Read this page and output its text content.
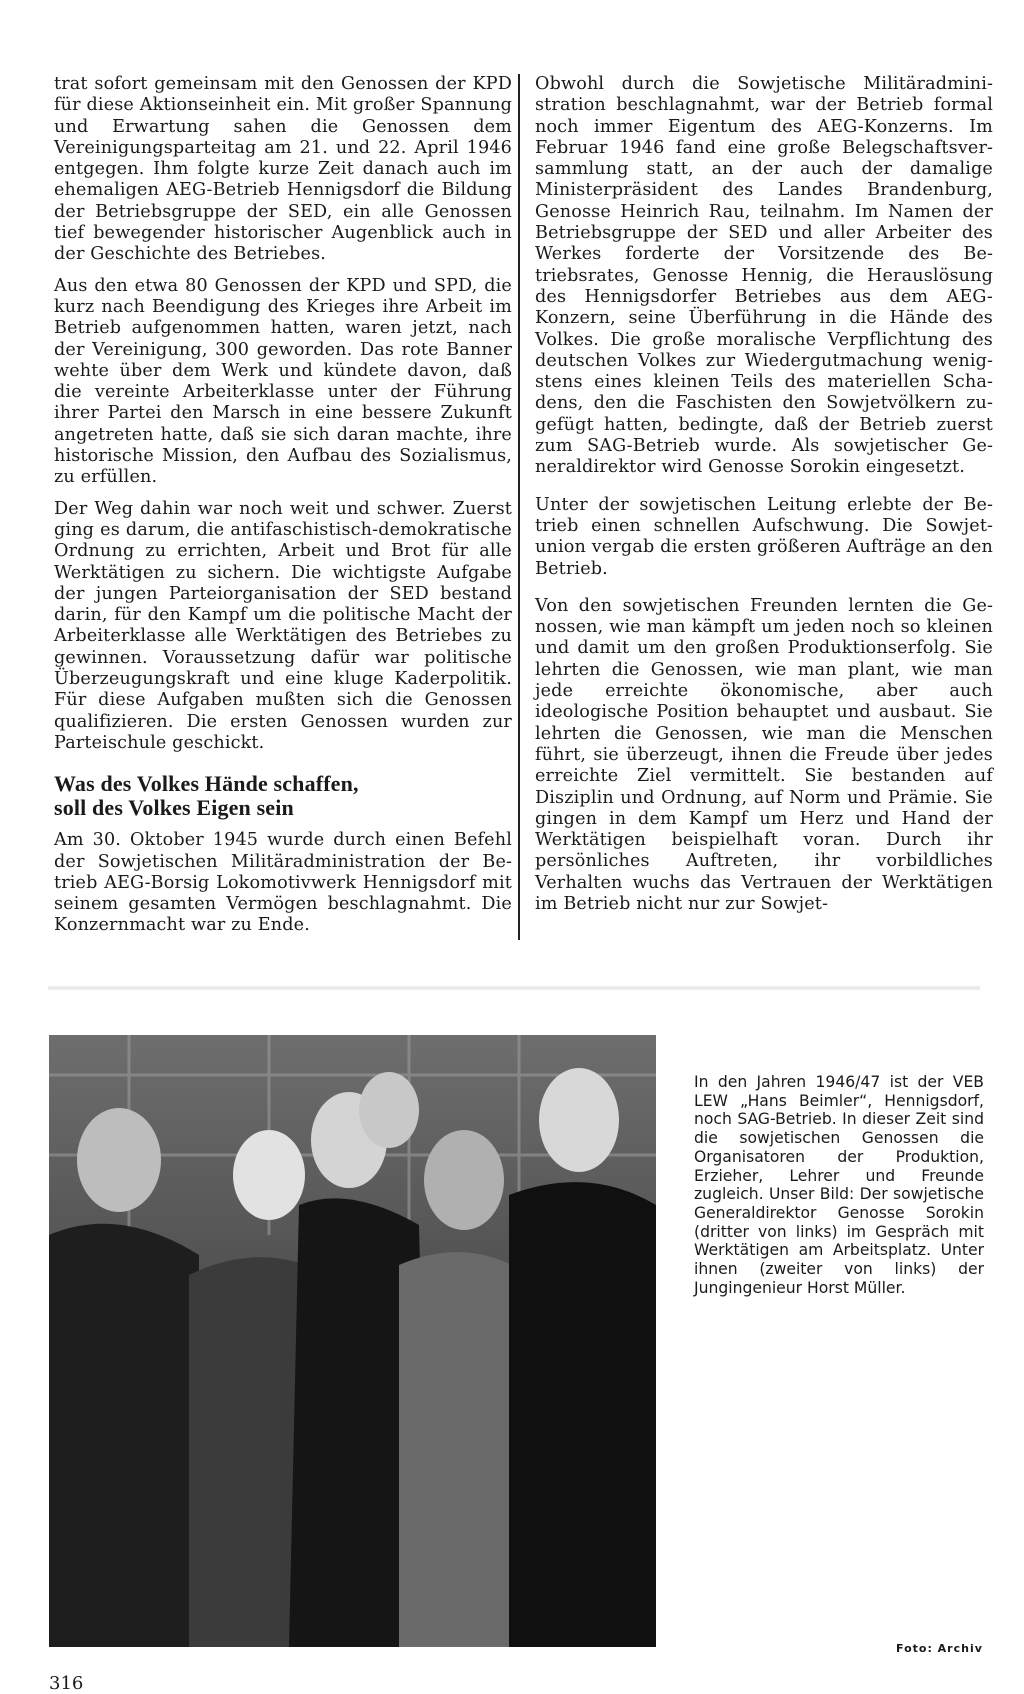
trat sofort gemeinsam mit den Genossen der KPD für diese Aktionseinheit ein. Mit großer Spannung und Erwartung sahen die Genossen dem Vereinigungsparteitag am 21. und 22. April 1946 entgegen. Ihm folgte kurze Zeit danach auch im ehemaligen AEG-Betrieb Hennigsdorf die Bildung der Betriebsgruppe der SED, ein alle Genossen tief bewegender historischer Augenblick auch in der Geschichte des Betriebes.

Aus den etwa 80 Genossen der KPD und SPD, die kurz nach Beendigung des Krieges ihre Arbeit im Betrieb aufgenommen hatten, waren jetzt, nach der Vereinigung, 300 geworden. Das rote Banner wehte über dem Werk und kündete davon, daß die vereinte Arbeiterklasse unter der Führung ihrer Partei den Marsch in eine bessere Zukunft angetreten hatte, daß sie sich daran machte, ihre historische Mission, den Aufbau des Sozialismus, zu erfüllen.

Der Weg dahin war noch weit und schwer. Zuerst ging es darum, die antifaschistisch-demokratische Ordnung zu errichten, Arbeit und Brot für alle Werktätigen zu sichern. Die wichtigste Aufgabe der jungen Parteiorganisation der SED bestand darin, für den Kampf um die politische Macht der Arbeiterklasse alle Werktätigen des Betriebes zu gewinnen. Voraussetzung dafür war politische Überzeugungskraft und eine kluge Kaderpolitik. Für diese Aufgaben mußten sich die Genossen qualifizieren. Die ersten Genossen wurden zur Parteischule geschickt.

Was des Volkes Hände schaffen,
soll des Volkes Eigen sein

Am 30. Oktober 1945 wurde durch einen Befehl der Sowjetischen Militäradministration der Betrieb AEG-Borsig Lokomotivwerk Hennigsdorf mit seinem gesamten Vermögen beschlagnahmt. Die Konzernmacht war zu Ende.

Obwohl durch die Sowjetische Militäradministration beschlagnahmt, war der Betrieb formal noch immer Eigentum des AEG-Konzerns. Im Februar 1946 fand eine große Belegschaftsversammlung statt, an der auch der damalige Ministerpräsident des Landes Brandenburg, Genosse Heinrich Rau, teilnahm. Im Namen der Betriebsgruppe der SED und aller Arbeiter des Werkes forderte der Vorsitzende des Betriebsrates, Genosse Hennig, die Herauslösung des Hennigsdorfer Betriebes aus dem AEG-Konzern, seine Überführung in die Hände des Volkes. Die große moralische Verpflichtung des deutschen Volkes zur Wiedergutmachung wenigstens eines kleinen Teils des materiellen Schadens, den die Faschisten den Sowjetvölkern zugefügt hatten, bedingte, daß der Betrieb zuerst zum SAG-Betrieb wurde. Als sowjetischer Generaldirektor wird Genosse Sorokin eingesetzt.

Unter der sowjetischen Leitung erlebte der Betrieb einen schnellen Aufschwung. Die Sowjetunion vergab die ersten größeren Aufträge an den Betrieb.

Von den sowjetischen Freunden lernten die Genossen, wie man kämpft um jeden noch so kleinen und damit um den großen Produktionserfolg. Sie lehrten die Genossen, wie man plant, wie man jede erreichte ökonomische, aber auch ideologische Position behauptet und ausbaut. Sie lehrten die Genossen, wie man die Menschen führt, sie überzeugt, ihnen die Freude über jedes erreichte Ziel vermittelt. Sie bestanden auf Disziplin und Ordnung, auf Norm und Prämie. Sie gingen in dem Kampf um Herz und Hand der Werktätigen beispielhaft voran. Durch ihr persönliches Auftreten, ihr vorbildliches Verhalten wuchs das Vertrauen der Werktätigen im Betrieb nicht nur zur Sowjet-

In den Jahren 1946/47 ist der VEB LEW „Hans Beimler“, Hennigsdorf, noch SAG-Betrieb. In dieser Zeit sind die sowjetischen Genossen die Organisatoren der Produktion, Erzieher, Lehrer und Freunde zugleich. Unser Bild: Der sowjetische Generaldirektor Genosse Sorokin (dritter von links) im Gespräch mit Werktätigen am Arbeitsplatz. Unter ihnen (zweiter von links) der Jungingenieur Horst Müller.
Foto: Archiv
316
